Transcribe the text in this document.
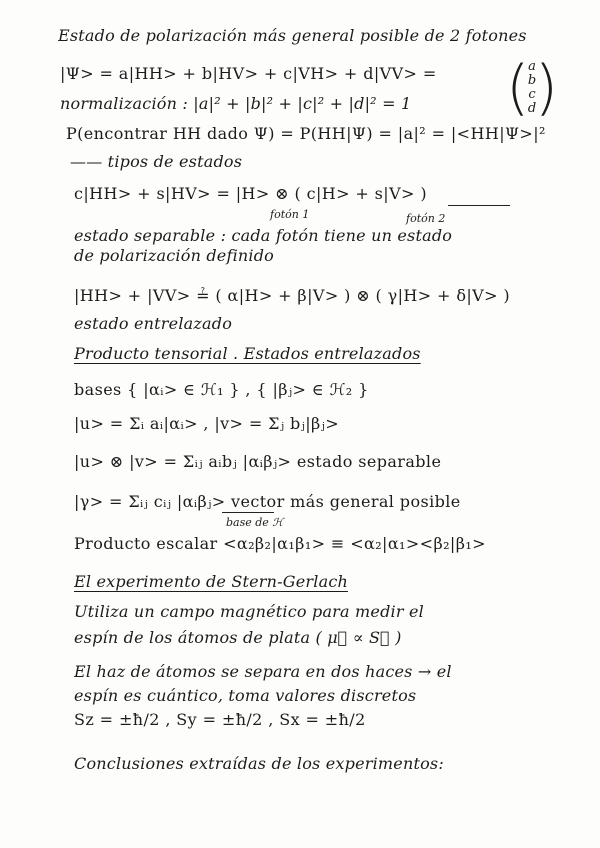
Estado de polarización más general posible de 2 fotones
|Ψ> = a|HH> + b|HV> + c|VH> + d|VV> =	(
a
b
c
d
)
normalización : |a|² + |b|² + |c|² + |d|² = 1
P(encontrar HH dado Ψ) = P(HH|Ψ) = |a|² = |<HH|Ψ>|²
—— tipos de estados
c|HH> + s|HV> = |H> ⊗ ( c|H> + s|V> )
fotón 1	fotón 2
estado separable : cada fotón tiene un estado
de polarización definido
|HH> + |VV> ≟ ( α|H> + β|V> ) ⊗ ( γ|H> + δ|V> )
estado entrelazado
Producto tensorial . Estados entrelazados
bases { |αᵢ> ∈ ℋ₁ } , { |βⱼ> ∈ ℋ₂ }
|u> = Σᵢ aᵢ|αᵢ> , |v> = Σⱼ bⱼ|βⱼ>
|u> ⊗ |v> = Σᵢⱼ aᵢbⱼ |αᵢβⱼ> estado separable
|γ> = Σᵢⱼ cᵢⱼ |αᵢβⱼ> vector más general posible
base de ℋ
Producto escalar <α₂β₂|α₁β₁> ≡ <α₂|α₁><β₂|β₁>
El experimento de Stern-Gerlach
Utiliza un campo magnético para medir el
espín de los átomos de plata ( μ⃗ ∝ S⃗ )
El haz de átomos se separa en dos haces → el
espín es cuántico, toma valores discretos
Sz = ±ħ/2 , Sy = ±ħ/2 , Sx = ±ħ/2
Conclusiones extraídas de los experimentos:
